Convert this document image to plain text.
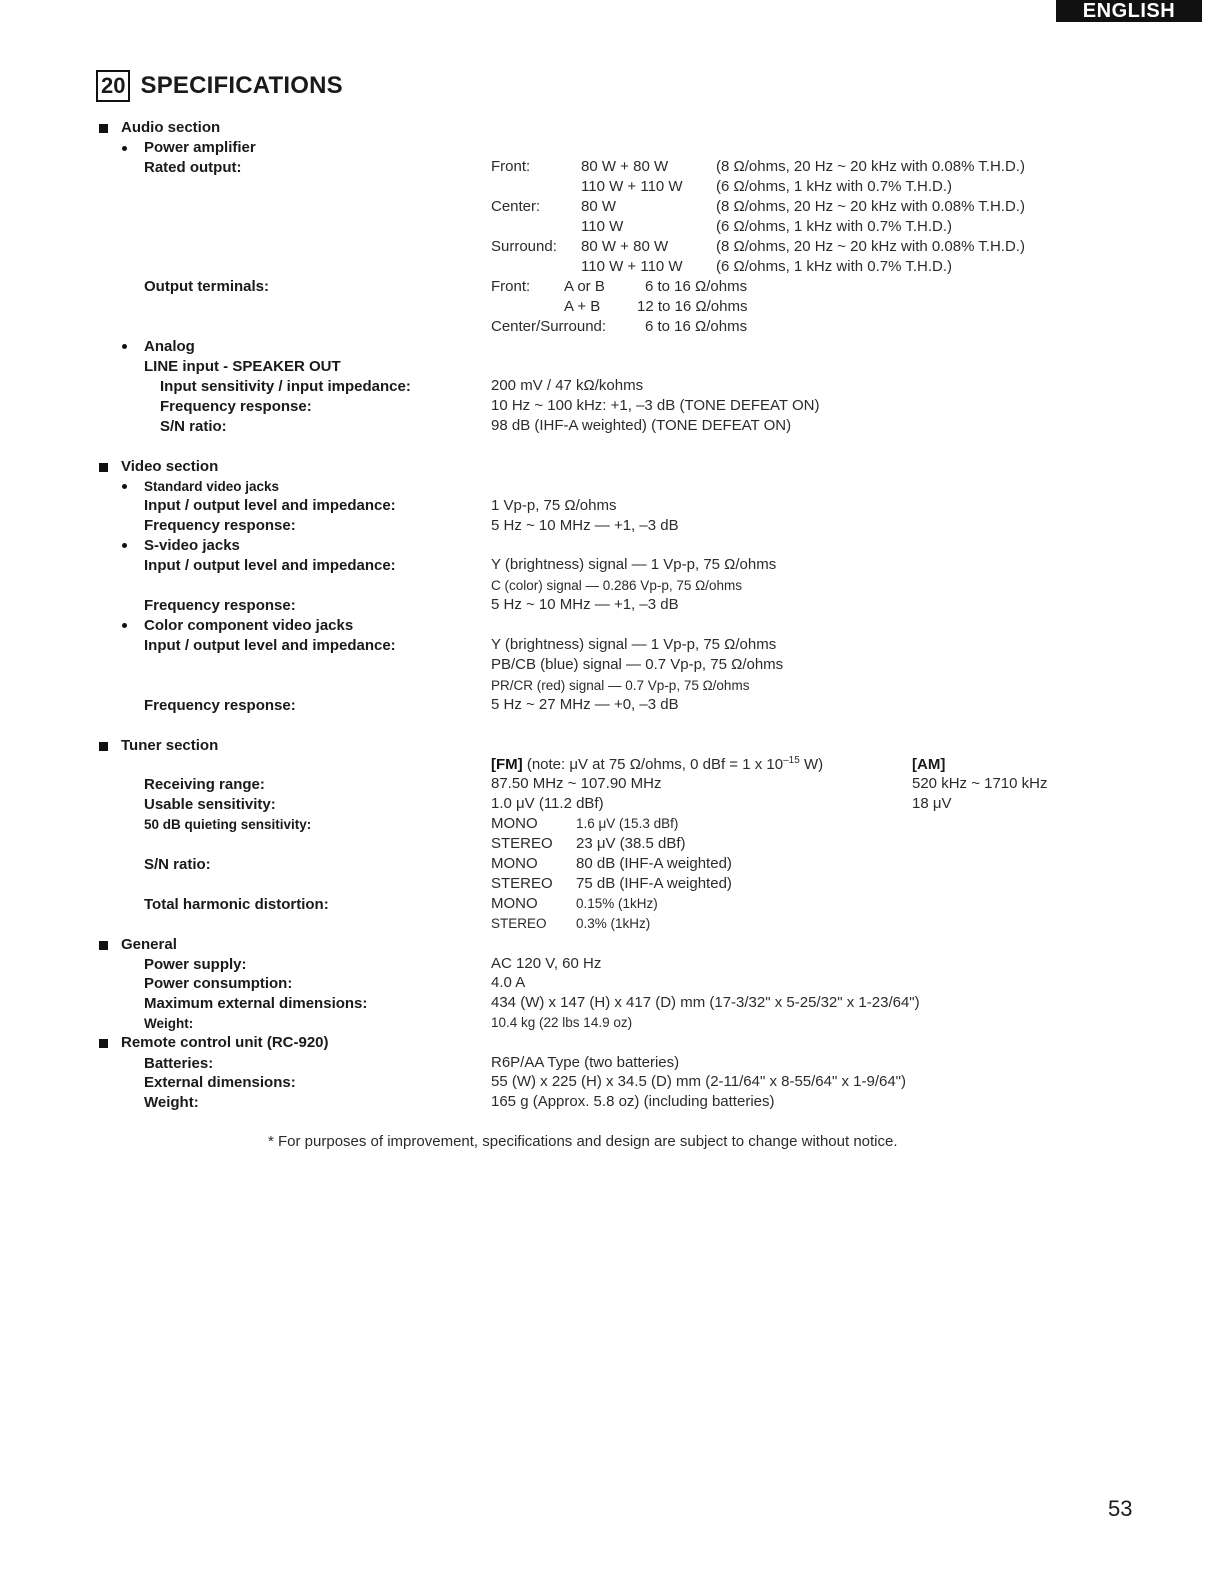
ENGLISH
20 SPECIFICATIONS
Audio section
Power amplifier
Rated output:	Front:	80 W + 80 W	(8 Ω/ohms, 20 Hz ~ 20 kHz with 0.08% T.H.D.)
110 W + 110 W (6 Ω/ohms, 1 kHz with 0.7% T.H.D.)
Center:	80 W	(8 Ω/ohms, 20 Hz ~ 20 kHz with 0.08% T.H.D.)
110 W	(6 Ω/ohms, 1 kHz with 0.7% T.H.D.)
Surround: 80 W + 80 W	(8 Ω/ohms, 20 Hz ~ 20 kHz with 0.08% T.H.D.)
110 W + 110 W (6 Ω/ohms, 1 kHz with 0.7% T.H.D.)
Output terminals:	Front: A or B	6 to 16 Ω/ohms
A + B 12 to 16 Ω/ohms
Center/Surround:	6 to 16 Ω/ohms
Analog
LINE input - SPEAKER OUT
Input sensitivity / input impedance:	200 mV / 47 kΩ/kohms
Frequency response:	10 Hz ~ 100 kHz: +1, –3 dB (TONE DEFEAT ON)
S/N ratio:	98 dB (IHF-A weighted) (TONE DEFEAT ON)
Video section
Standard video jacks
Input / output level and impedance:	1 Vp-p, 75 Ω/ohms
Frequency response:	5 Hz ~ 10 MHz — +1, –3 dB
S-video jacks
Input / output level and impedance:	Y (brightness) signal — 1 Vp-p, 75 Ω/ohms
C (color) signal — 0.286 Vp-p, 75 Ω/ohms
Frequency response:	5 Hz ~ 10 MHz — +1, –3 dB
Color component video jacks
Input / output level and impedance:	Y (brightness) signal — 1 Vp-p, 75 Ω/ohms
PB/CB (blue) signal — 0.7 Vp-p, 75 Ω/ohms
PR/CR (red) signal — 0.7 Vp-p, 75 Ω/ohms
Frequency response:	5 Hz ~ 27 MHz — +0, –3 dB
Tuner section
[FM] (note: μV at 75 Ω/ohms, 0 dBf = 1 x $10^{-15}$ W)	[AM]
Receiving range:	87.50 MHz ~ 107.90 MHz	520 kHz ~ 1710 kHz
Usable sensitivity:	1.0 μV (11.2 dBf)	18 μV
50 dB quieting sensitivity:	MONO	1.6 μV (15.3 dBf)
STEREO 23 μV (38.5 dBf)
S/N ratio:	MONO	80 dB (IHF-A weighted)
STEREO 75 dB (IHF-A weighted)
Total harmonic distortion:	MONO	0.15% (1kHz)
STEREO 0.3% (1kHz)
General
Power supply:	AC 120 V, 60 Hz
Power consumption:	4.0 A
Maximum external dimensions:	434 (W) x 147 (H) x 417 (D) mm (17-3/32" x 5-25/32" x 1-23/64")
Weight:	10.4 kg (22 lbs 14.9 oz)
Remote control unit (RC-920)
Batteries:	R6P/AA Type (two batteries)
External dimensions:	55 (W) x 225 (H) x 34.5 (D) mm (2-11/64" x 8-55/64" x 1-9/64")
Weight:	165 g (Approx. 5.8 oz) (including batteries)
* For purposes of improvement, specifications and design are subject to change without notice.
53
